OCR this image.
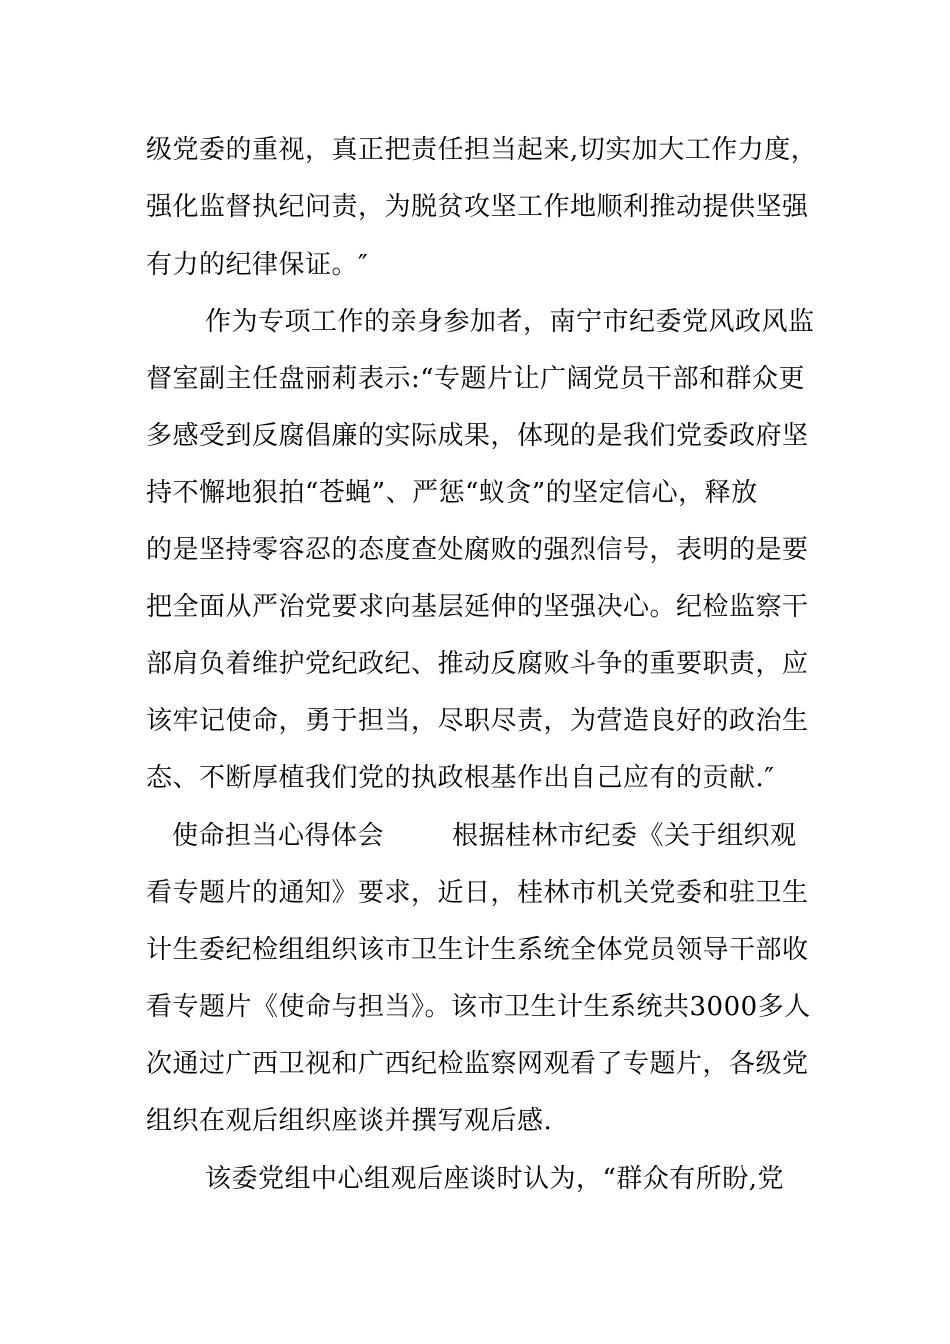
级党委的重视，真正把责任担当起来,切实加大工作力度，
强化监督执纪问责，为脱贫攻坚工作地顺利推动提供坚强
有力的纪律保证。″
作为专项工作的亲身参加者，南宁市纪委党风政风监
督室副主任盘丽莉表示:“专题片让广阔党员干部和群众更
多感受到反腐倡廉的实际成果，体现的是我们党委政府坚
持不懈地狠拍“苍蝇”、严惩“蚁贪”的坚定信心，释放
的是坚持零容忍的态度查处腐败的强烈信号，表明的是要
把全面从严治党要求向基层延伸的坚强决心。纪检监察干
部肩负着维护党纪政纪、推动反腐败斗争的重要职责，应
该牢记使命，勇于担当，尽职尽责，为营造良好的政治生
态、不断厚植我们党的执政根基作出自己应有的贡献.″
使命担当心得体会	根据桂林市纪委《关于组织观
看专题片的通知》要求，近日，桂林市机关党委和驻卫生
计生委纪检组组织该市卫生计生系统全体党员领导干部收
看专题片《使命与担当》。该市卫生计生系统共3000多人
次通过广西卫视和广西纪检监察网观看了专题片，各级党
组织在观后组织座谈并撰写观后感.
该委党组中心组观后座谈时认为，“群众有所盼,党
